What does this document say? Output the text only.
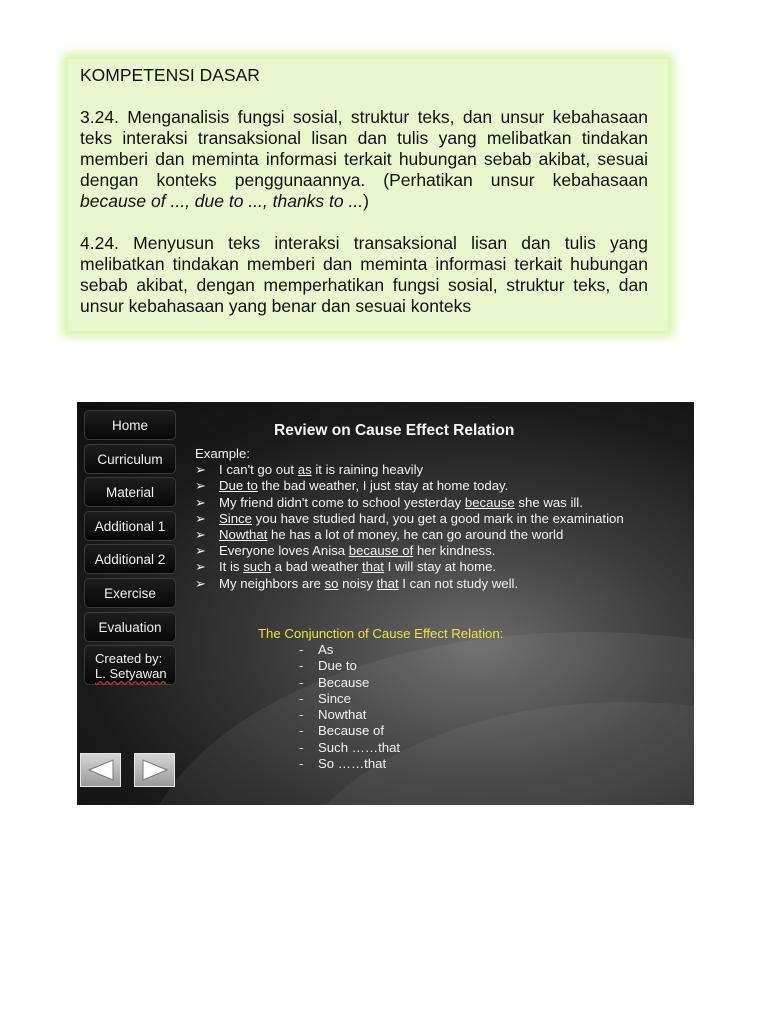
KOMPETENSI DASAR

3.24. Menganalisis fungsi sosial, struktur teks, dan unsur kebahasaan teks interaksi transaksional lisan dan tulis yang melibatkan tindakan memberi dan meminta informasi terkait hubungan sebab akibat, sesuai dengan konteks penggunaannya. (Perhatikan unsur kebahasaan because of ..., due to ..., thanks to ...)

4.24. Menyusun teks interaksi transaksional lisan dan tulis yang melibatkan tindakan memberi dan meminta informasi terkait hubungan sebab akibat, dengan memperhatikan fungsi sosial, struktur teks, dan unsur kebahasaan yang benar dan sesuai konteks

Home
Curriculum
Material
Additional 1
Additional 2
Exercise
Evaluation
Created by:
L. Setyawan
Review on Cause Effect Relation

Example:

➢ I can't go out as it is raining heavily
➢ Due to the bad weather, I just stay at home today.
➢ My friend didn't come to school yesterday because she was ill.
➢ Since you have studied hard, you get a good mark in the examination
➢ Nowthat he has a lot of money, he can go around the world
➢ Everyone loves Anisa because of her kindness.
➢ It is such a bad weather that I will stay at home.
➢ My neighbors are so noisy that I can not study well.
The Conjunction of Cause Effect Relation:
- As
- Due to
- Because
- Since
- Nowthat
- Because of
- Such ……that
- So ……that
